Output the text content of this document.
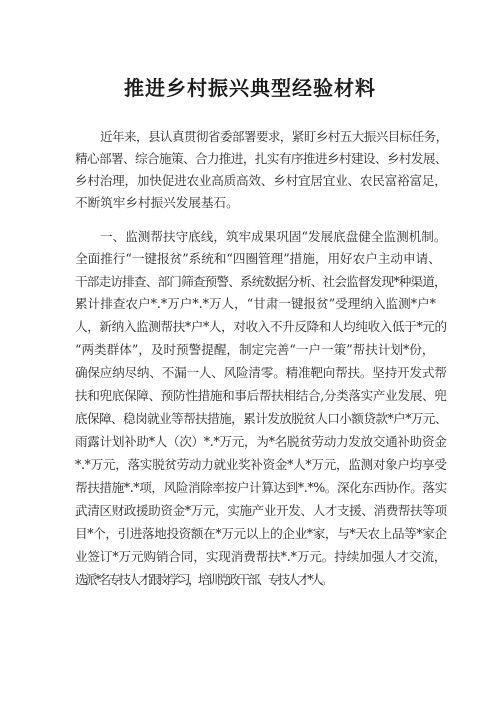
推进乡村振兴典型经验材料
近年来，县认真贯彻省委部署要求，紧盯乡村五大振兴目标任务，
精心部署、综合施策、合力推进，扎实有序推进乡村建设、乡村发展、
乡村治理，加快促进农业高质高效、乡村宜居宜业、农民富裕富足，
不断筑牢乡村振兴发展基石。
一、监测帮扶守底线，筑牢成果巩固“发展底盘健全监测机制。
全面推行“一键报贫”系统和“四圈管理”措施，用好农户主动申请、
干部走访排查、部门筛查预警、系统数据分析、社会监督发现*种渠道，
累计排查农户*.*万户*.*万人，“甘肃一键报贫”受理纳入监测*户*
人，新纳入监测帮扶*户*人，对收入不升反降和人均纯收入低于*元的
“两类群体”，及时预警提醒，制定完善“一户一策”帮扶计划*份，
确保应纳尽纳、不漏一人、风险清零。精准靶向帮扶。坚持开发式帮
扶和兜底保障、预防性措施和事后帮扶相结合,分类落实产业发展、兜
底保障、稳岗就业等帮扶措施，累计发放脱贫人口小额贷款*户*万元、
雨露计划补助*人（次）*.*万元，为*名脱贫劳动力发放交通补助资金
*.*万元，落实脱贫劳动力就业奖补资金*人*万元，监测对象户均享受
帮扶措施*.*项，风险消除率按户计算达到*.*%。深化东西协作。落实
武清区财政援助资金*万元，实施产业开发、人才支援、消费帮扶等项
目*个，引进落地投资额在*万元以上的企业*家，与*天农上品等*家企
业签订*万元购销合同，实现消费帮扶*.*万元。持续加强人才交流，
选派*名专技人才跟岗学习，培训党政干部、专技人才*人。
